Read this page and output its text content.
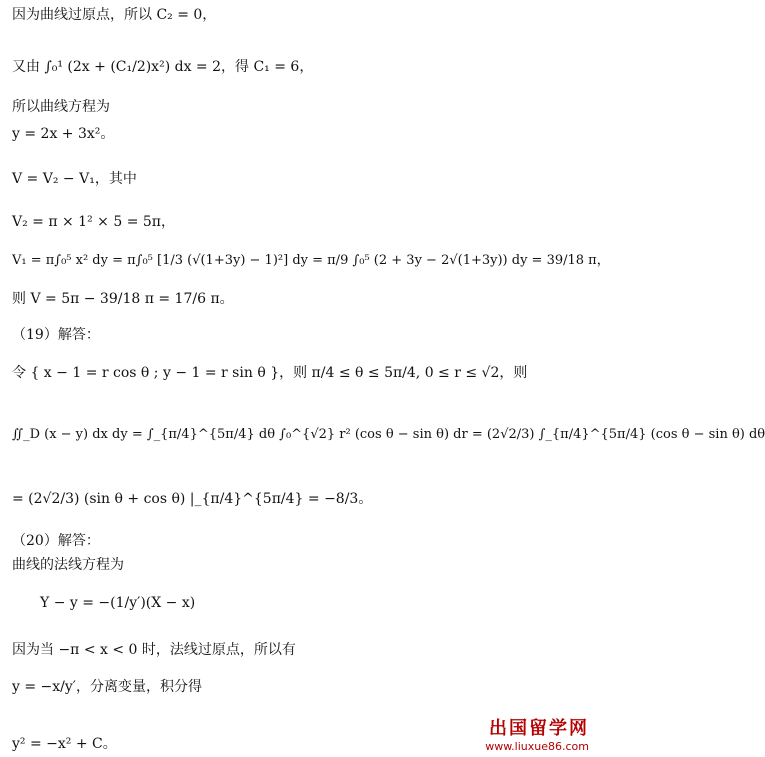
因为曲线过原点，所以 C₂ = 0，
又由 ∫₀¹ (2x + (C₁/2)x²) dx = 2，得 C₁ = 6，
所以曲线方程为
y = 2x + 3x²。
V = V₂ − V₁，其中
V₂ = π × 1² × 5 = 5π，
V₁ = π∫₀⁵ x² dy = π∫₀⁵ [1/3 (√(1+3y) − 1)²] dy = π/9 ∫₀⁵ (2 + 3y − 2√(1+3y)) dy = 39/18 π，
则 V = 5π − 39/18 π = 17/6 π。
（19）解答：
令 { x − 1 = r cos θ ; y − 1 = r sin θ }，则 π/4 ≤ θ ≤ 5π/4, 0 ≤ r ≤ √2，则
∬_D (x − y) dx dy = ∫_{π/4}^{5π/4} dθ ∫₀^{√2} r² (cos θ − sin θ) dr = (2√2/3) ∫_{π/4}^{5π/4} (cos θ − sin θ) dθ
= (2√2/3) (sin θ + cos θ) |_{π/4}^{5π/4} = −8/3。
（20）解答：
曲线的法线方程为
Y − y = −(1/y′)(X − x)
因为当 −π < x < 0 时，法线过原点，所以有
y = −x/y′，分离变量，积分得
y² = −x² + C。
出国留学网
www.liuxue86.com
